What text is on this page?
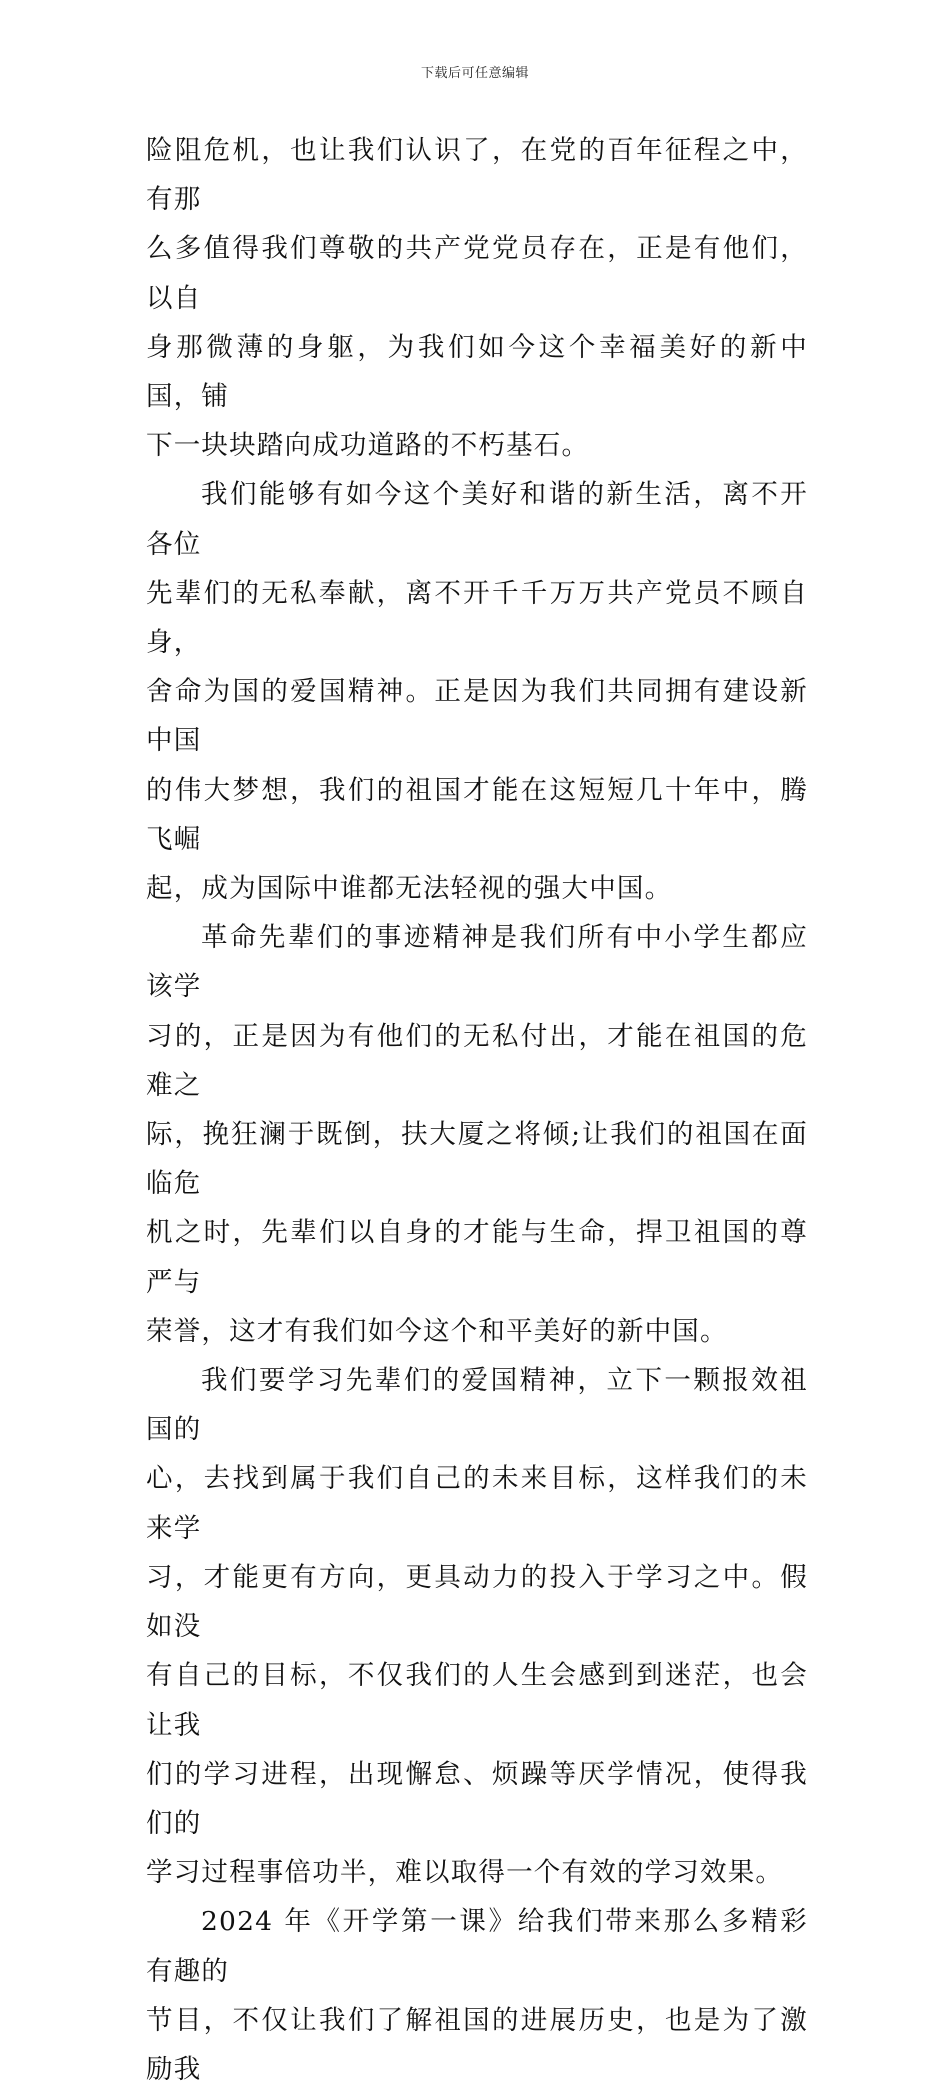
下载后可任意编辑

险阻危机，也让我们认识了，在党的百年征程之中，有那
么多值得我们尊敬的共产党党员存在，正是有他们，以自
身那微薄的身躯，为我们如今这个幸福美好的新中国，铺
下一块块踏向成功道路的不朽基石。

我们能够有如今这个美好和谐的新生活，离不开各位
先辈们的无私奉献，离不开千千万万共产党员不顾自身，
舍命为国的爱国精神。正是因为我们共同拥有建设新中国
的伟大梦想，我们的祖国才能在这短短几十年中，腾飞崛
起，成为国际中谁都无法轻视的强大中国。

革命先辈们的事迹精神是我们所有中小学生都应该学
习的，正是因为有他们的无私付出，才能在祖国的危难之
际，挽狂澜于既倒，扶大厦之将倾;让我们的祖国在面临危
机之时，先辈们以自身的才能与生命，捍卫祖国的尊严与
荣誉，这才有我们如今这个和平美好的新中国。

我们要学习先辈们的爱国精神，立下一颗报效祖国的
心，去找到属于我们自己的未来目标，这样我们的未来学
习，才能更有方向，更具动力的投入于学习之中。假如没
有自己的目标，不仅我们的人生会感到到迷茫，也会让我
们的学习进程，出现懈怠、烦躁等厌学情况，使得我们的
学习过程事倍功半，难以取得一个有效的学习效果。

2024 年《开学第一课》给我们带来那么多精彩有趣的
节目，不仅让我们了解祖国的进展历史，也是为了激励我
